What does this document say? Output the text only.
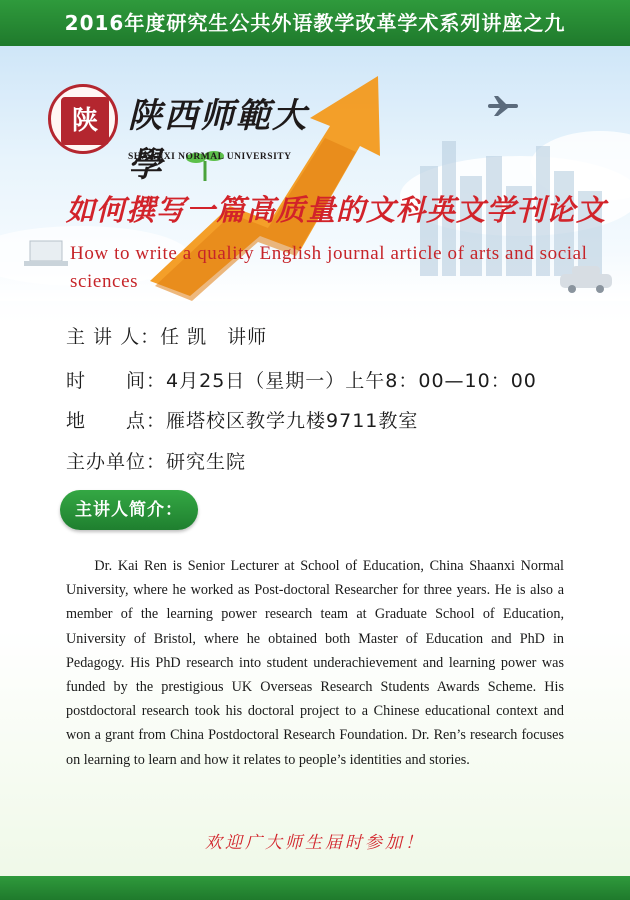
2016年度研究生公共外语教学改革学术系列讲座之九
陕 陕西师範大學
SHAANXI NORMAL UNIVERSITY
如何撰写一篇高质量的文科英文学刊论文
How to write a quality English journal article of arts and social sciences
主 讲 人：任 凯　讲师
时　　间：4月25日（星期一）上午8：00—10：00
地　　点：雁塔校区教学九楼9711教室
主办单位：研究生院
主讲人简介：
Dr. Kai Ren is Senior Lecturer at School of Education, China Shaanxi Normal University, where he worked as Post-doctoral Researcher for three years. He is also a member of the learning power research team at Graduate School of Education, University of Bristol, where he obtained both Master of Education and PhD in Pedagogy. His PhD research into student underachievement and learning power was funded by the prestigious UK Overseas Research Students Awards Scheme. His postdoctoral research took his doctoral project to a Chinese educational context and won a grant from China Postdoctoral Research Foundation. Dr. Ren’s research focuses on learning to learn and how it relates to people’s identities and stories.
欢迎广大师生届时参加！
